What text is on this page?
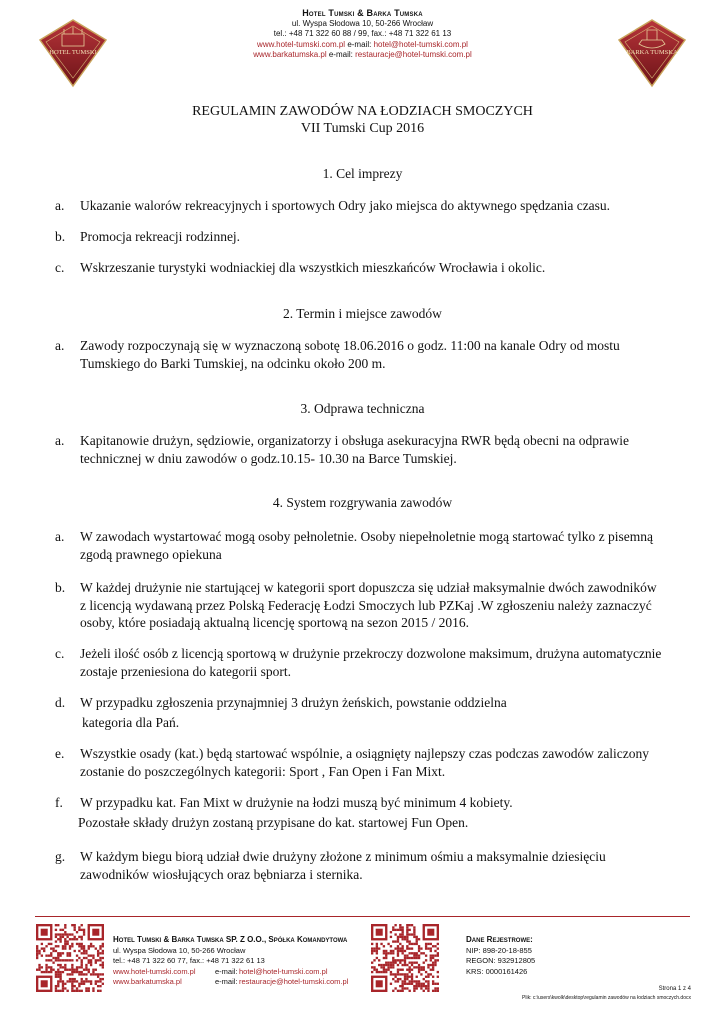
HOTEL TUMSKI	BARKA TUMSKA
Hotel Tumski & Barka Tumska
ul. Wyspa Słodowa 10, 50-266 Wrocław
tel.: +48 71 322 60 88 / 99, fax.: +48 71 322 61 13
www.hotel-tumski.com.pl e-mail: hotel@hotel-tumski.com.pl
www.barkatumska.pl e-mail: restauracje@hotel-tumski.com.pl
REGULAMIN ZAWODÓW NA ŁODZIACH SMOCZYCH
VII Tumski Cup 2016
1. Cel imprezy
a.	Ukazanie walorów rekreacyjnych i sportowych Odry jako miejsca do aktywnego spędzania czasu.
b.	Promocja rekreacji rodzinnej.
c.	Wskrzeszanie turystyki wodniackiej dla wszystkich mieszkańców Wrocławia i okolic.
2. Termin i miejsce zawodów
a.	Zawody rozpoczynają się w wyznaczoną sobotę 18.06.2016 o godz. 11:00 na kanale Odry od mostu
Tumskiego do Barki Tumskiej, na odcinku około 200 m.
3. Odprawa techniczna
a.	Kapitanowie drużyn, sędziowie, organizatorzy i obsługa asekuracyjna RWR będą obecni na odprawie
technicznej w dniu zawodów o godz.10.15- 10.30 na Barce Tumskiej.
4. System rozgrywania zawodów
a.	W zawodach wystartować mogą osoby pełnoletnie. Osoby niepełnoletnie mogą startować tylko z pisemną
zgodą prawnego opiekuna
b.	W każdej drużynie nie startującej w kategorii sport dopuszcza się udział maksymalnie dwóch zawodników
z licencją wydawaną przez Polską Federację Łodzi Smoczych lub PZKaj .W zgłoszeniu należy zaznaczyć
osoby, które posiadają aktualną licencję sportową na sezon 2015 / 2016.
c.	Jeżeli ilość osób z licencją sportową w drużynie przekroczy dozwolone maksimum, drużyna automatycznie
zostaje przeniesiona do kategorii sport.
d.	W przypadku zgłoszenia przynajmniej 3 drużyn żeńskich, powstanie oddzielna
kategoria dla Pań.
e.	Wszystkie osady (kat.) będą startować wspólnie, a osiągnięty najlepszy czas podczas zawodów zaliczony
zostanie do poszczególnych kategorii: Sport , Fan Open i Fan Mixt.
f.	W przypadku kat. Fan Mixt w drużynie na łodzi muszą być minimum 4 kobiety.
Pozostałe składy drużyn zostaną przypisane do kat. startowej Fun Open.
g.	W każdym biegu biorą udział dwie drużyny złożone z minimum ośmiu a maksymalnie dziesięciu
zawodników wiosłujących oraz bębniarza i sternika.
Hotel Tumski & Barka Tumska SP. Z O.O., Spółka Komandytowa
ul. Wyspa Słodowa 10, 50-266 Wrocław
tel.: +48 71 322 60 77, fax.: +48 71 322 61 13
www.hotel-tumski.com.pl	e-mail: hotel@hotel-tumski.com.pl
www.barkatumska.pl	e-mail: restauracje@hotel-tumski.com.pl
Dane Rejestrowe:
NIP: 898-20-18-855
REGON: 932912805
KRS: 0000161426
Strona 1 z 4
Plik: c:\users\kwolk\desktop\regulamin zawodów na łodziach smoczych.docx
